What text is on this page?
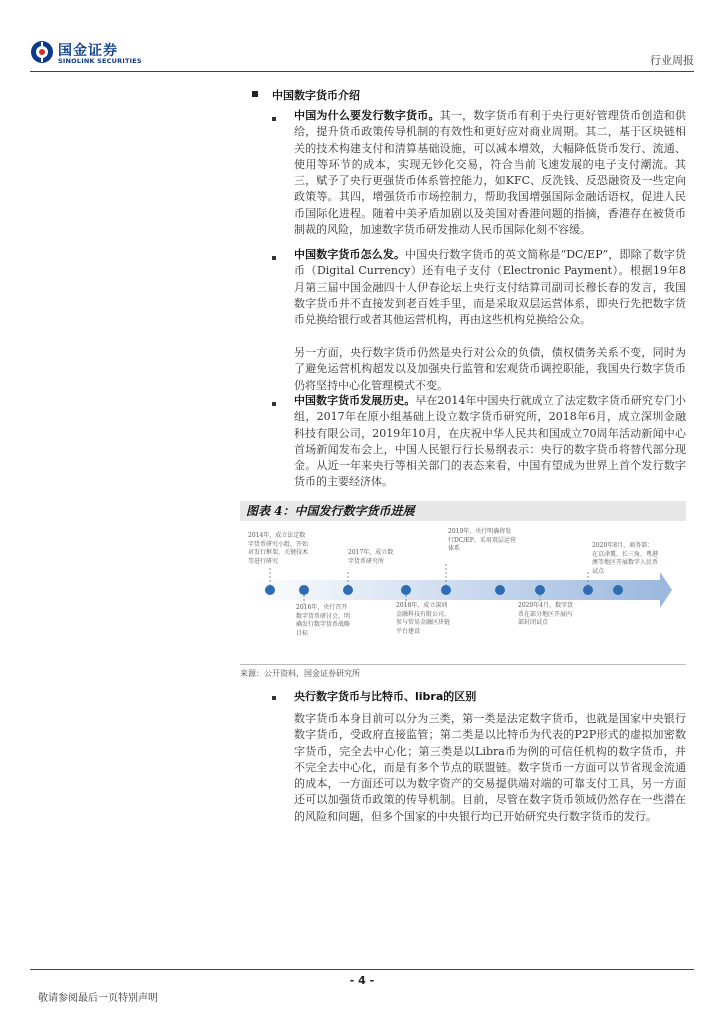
国金证券
SINOLINK SECURITIES	行业周报
中国数字货币介绍
中国为什么要发行数字货币。其一，数字货币有利于央行更好管理货币创造和供给，提升货币政策传导机制的有效性和更好应对商业周期。其二，基于区块链相关的技术构建支付和清算基础设施，可以减本增效，大幅降低货币发行、流通、使用等环节的成本，实现无钞化交易，符合当前飞速发展的电子支付潮流。其三，赋予了央行更强货币体系管控能力，如KFC、反洗钱、反恐融资及一些定向政策等。其四，增强货币市场控制力，帮助我国增强国际金融话语权，促进人民币国际化进程。随着中美矛盾加剧以及美国对香港问题的指摘，香港存在被货币制裁的风险，加速数字货币研发推动人民币国际化刻不容缓。
中国数字货币怎么发。中国央行数字货币的英文简称是“DC/EP”，即除了数字货币（Digital Currency）还有电子支付（Electronic Payment）。根据19年8月第三届中国金融四十人伊春论坛上央行支付结算司副司长穆长春的发言，我国数字货币并不直接发到老百姓手里，而是采取双层运营体系，即央行先把数字货币兑换给银行或者其他运营机构，再由这些机构兑换给公众。
另一方面，央行数字货币仍然是央行对公众的负债，债权债务关系不变，同时为了避免运营机构超发以及加强央行监管和宏观货币调控职能，我国央行数字货币仍将坚持中心化管理模式不变。
中国数字货币发展历史。早在2014年中国央行就成立了法定数字货币研究专门小组，2017年在原小组基础上设立数字货币研究所，2018年6月，成立深圳金融科技有限公司，2019年10月，在庆祝中华人民共和国成立70周年活动新闻中心首场新闻发布会上，中国人民银行行长易纲表示：央行的数字货币将替代部分现金。从近一年来央行等相关部门的表态来看，中国有望成为世界上首个发行数字货币的主要经济体。
图表 4：中国发行数字货币进展
2014年，成立法定数字货币研究小组，开始对发行框架、关键技术等进行研究
2017年，成立数字货币研究所
2019年，央行明确将发行DC/EP，采用双层运营体系	2020年8月，商务部：在京津冀、长三角、粤港澳等地区开展数字人民币试点
2016年，央行召开数字货币研讨会，明确发行数字货币战略目标
2018年，成立深圳金融科技有限公司，参与贸易金融区块链平台建设
2020年4月，数字货币在部分地区开展内部封闭试点
来源：公开资料，国金证券研究所
央行数字货币与比特币、libra的区别
数字货币本身目前可以分为三类，第一类是法定数字货币，也就是国家中央银行数字货币，受政府直接监管；第二类是以比特币为代表的P2P形式的虚拟加密数字货币，完全去中心化；第三类是以Libra币为例的可信任机构的数字货币，并不完全去中心化，而是有多个节点的联盟链。数字货币一方面可以节省现金流通的成本，一方面还可以为数字资产的交易提供端对端的可靠支付工具，另一方面还可以加强货币政策的传导机制。目前，尽管在数字货币领域仍然存在一些潜在的风险和问题，但多个国家的中央银行均已开始研究央行数字货币的发行。
- 4 -
敬请参阅最后一页特别声明
